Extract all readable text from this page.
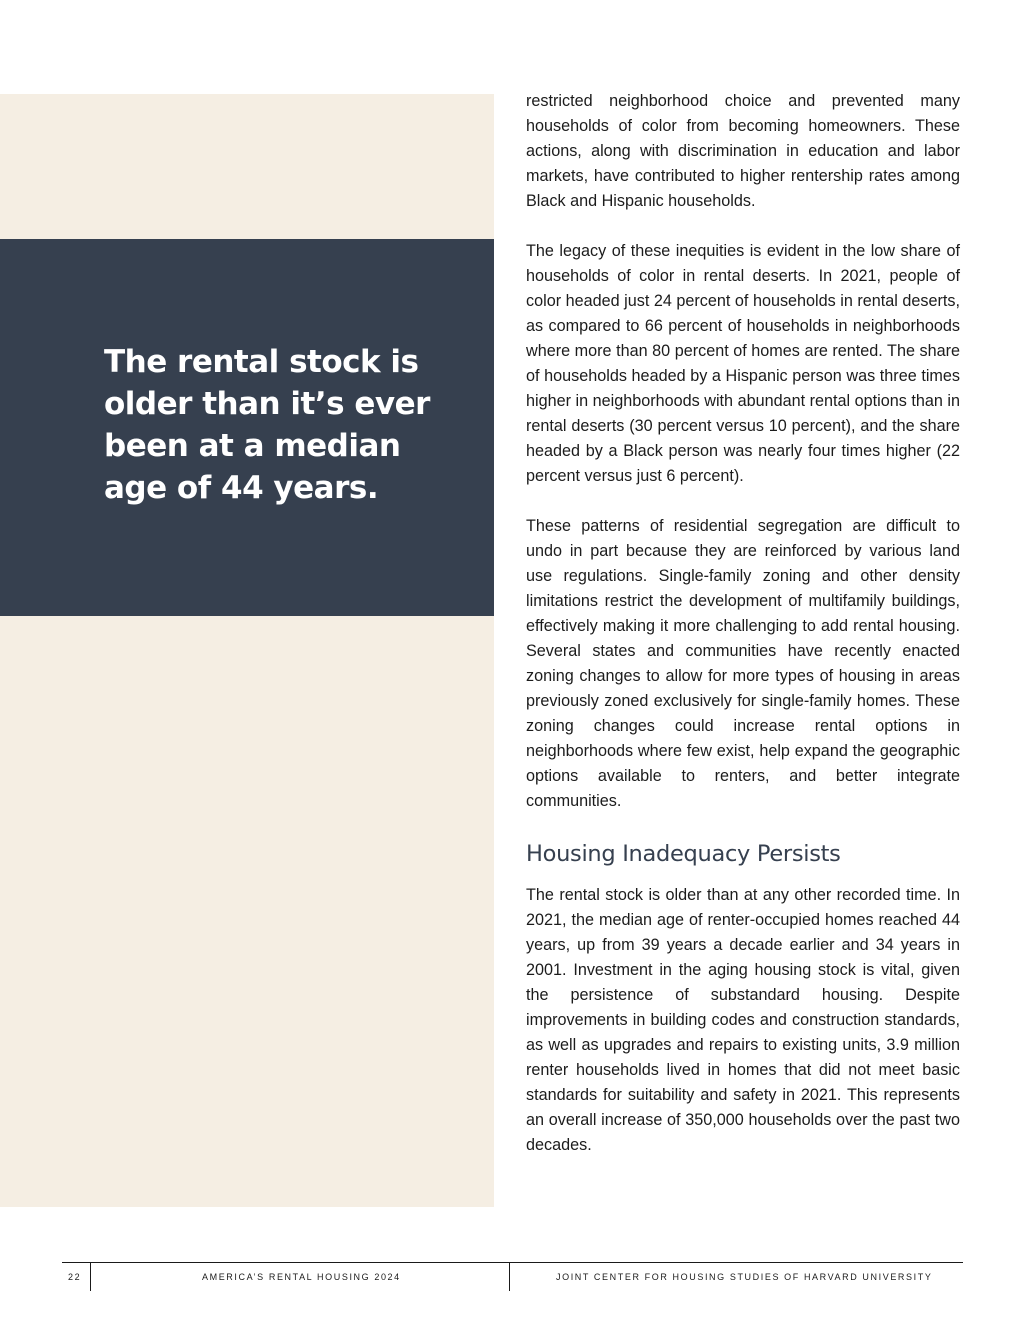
The rental stock is older than it’s ever been at a median age of 44 years.

restricted neighborhood choice and prevented many households of color from becoming homeowners. These actions, along with discrimination in education and labor markets, have contributed to higher rentership rates among Black and Hispanic households.

The legacy of these inequities is evident in the low share of households of color in rental deserts. In 2021, people of color headed just 24 percent of households in rental deserts, as compared to 66 percent of households in neighborhoods where more than 80 percent of homes are rented. The share of households headed by a Hispanic person was three times higher in neighborhoods with abundant rental options than in rental deserts (30 percent versus 10 percent), and the share headed by a Black person was nearly four times higher (22 percent versus just 6 percent).

These patterns of residential segregation are difficult to undo in part because they are reinforced by various land use regulations. Single-family zoning and other density limitations restrict the development of multifamily buildings, effectively making it more challenging to add rental housing. Several states and communities have recently enacted zoning changes to allow for more types of housing in areas previously zoned exclusively for single-family homes. These zoning changes could increase rental options in neighborhoods where few exist, help expand the geographic options available to renters, and better integrate communities.

Housing Inadequacy Persists

The rental stock is older than at any other recorded time. In 2021, the median age of renter-occupied homes reached 44 years, up from 39 years a decade earlier and 34 years in 2001. Investment in the aging housing stock is vital, given the persistence of substandard housing. Despite improvements in building codes and construction standards, as well as upgrades and repairs to existing units, 3.9 million renter households lived in homes that did not meet basic standards for suitability and safety in 2021. This represents an overall increase of 350,000 households over the past two decades.

22	AMERICA’S RENTAL HOUSING 2024	JOINT CENTER FOR HOUSING STUDIES OF HARVARD UNIVERSITY
